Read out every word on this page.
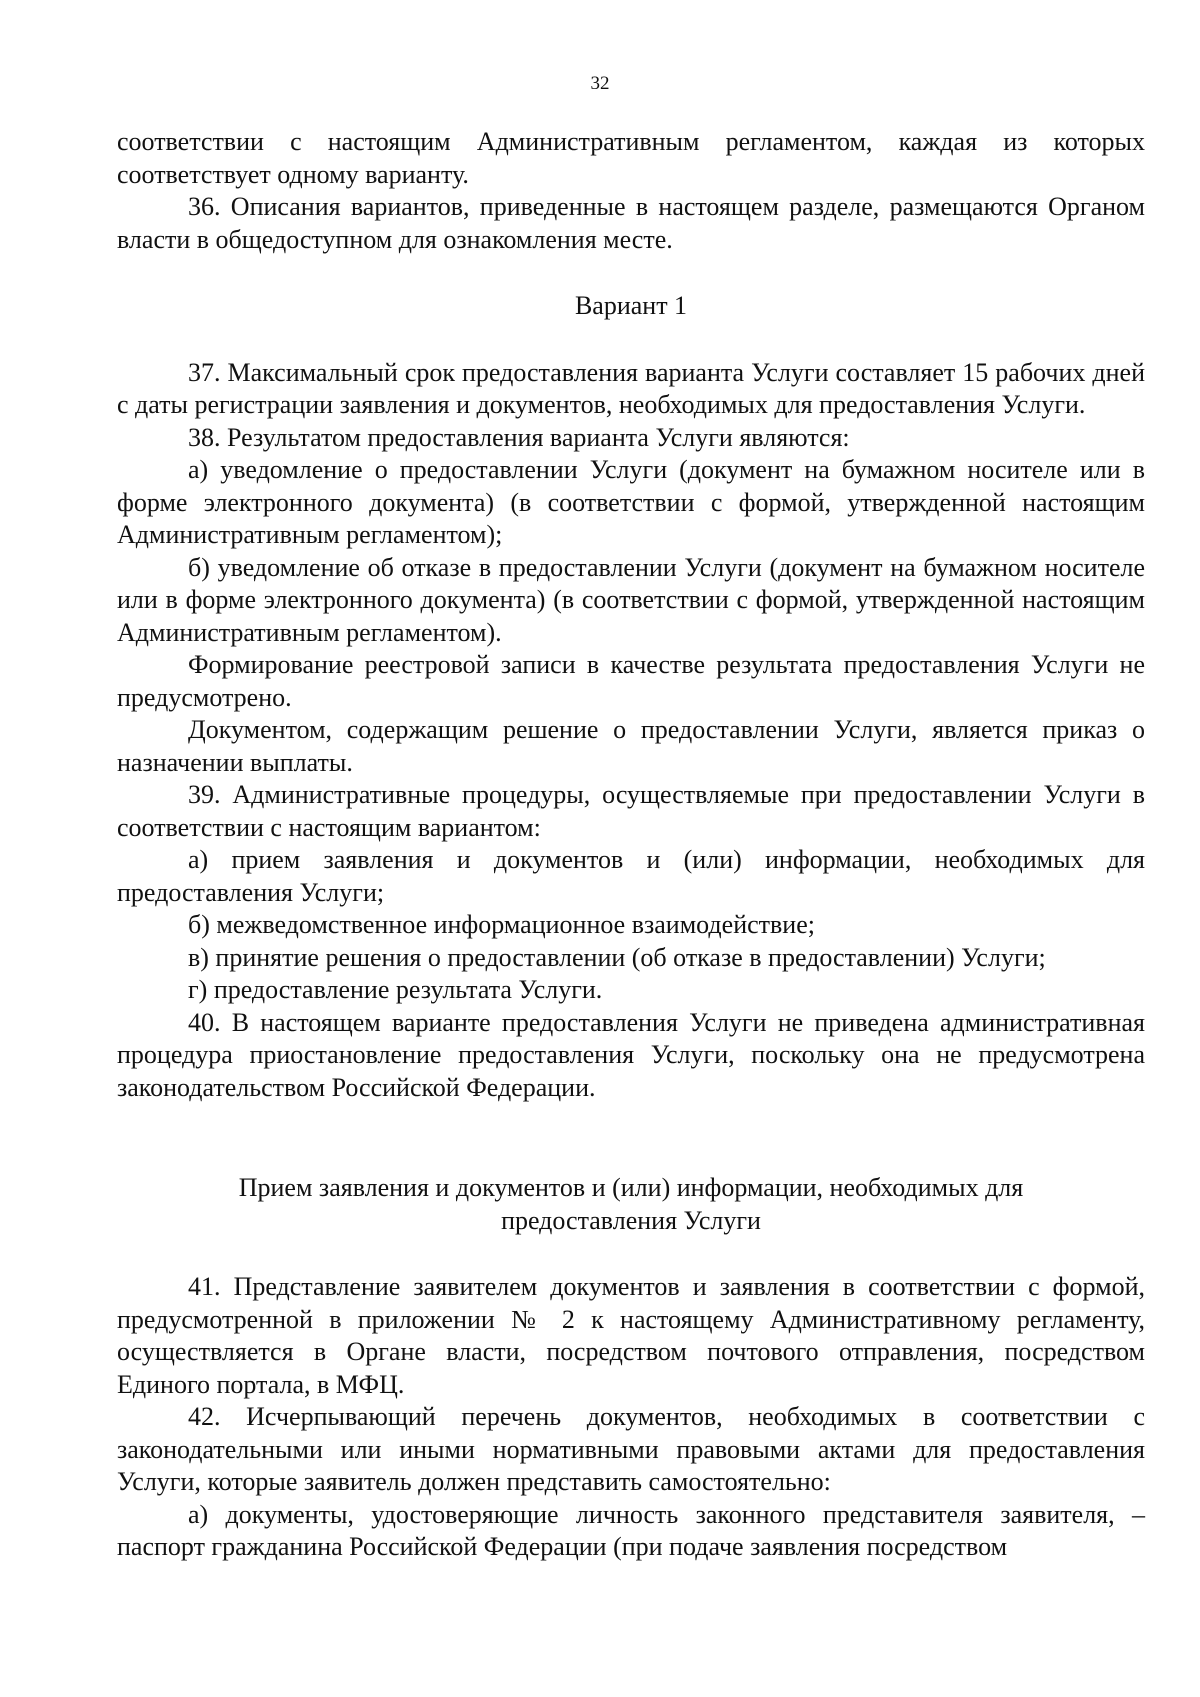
32

соответствии с настоящим Административным регламентом, каждая из которых соответствует одному варианту.

36. Описания вариантов, приведенные в настоящем разделе, размещаются Органом власти в общедоступном для ознакомления месте.

Вариант 1

37. Максимальный срок предоставления варианта Услуги составляет 15 рабочих дней с даты регистрации заявления и документов, необходимых для предоставления Услуги.

38. Результатом предоставления варианта Услуги являются:

а) уведомление о предоставлении Услуги (документ на бумажном носителе или в форме электронного документа) (в соответствии с формой, утвержденной настоящим Административным регламентом);

б) уведомление об отказе в предоставлении Услуги (документ на бумажном носителе или в форме электронного документа) (в соответствии с формой, утвержденной настоящим Административным регламентом).

Формирование реестровой записи в качестве результата предоставления Услуги не предусмотрено.

Документом, содержащим решение о предоставлении Услуги, является приказ о назначении выплаты.

39. Административные процедуры, осуществляемые при предоставлении Услуги в соответствии с настоящим вариантом:

а) прием заявления и документов и (или) информации, необходимых для предоставления Услуги;

б) межведомственное информационное взаимодействие;

в) принятие решения о предоставлении (об отказе в предоставлении) Услуги;

г) предоставление результата Услуги.

40. В настоящем варианте предоставления Услуги не приведена административная процедура приостановление предоставления Услуги, поскольку она не предусмотрена законодательством Российской Федерации.

Прием заявления и документов и (или) информации, необходимых для

предоставления Услуги

41. Представление заявителем документов и заявления в соответствии с формой, предусмотренной в приложении № 2 к настоящему Административному регламенту, осуществляется в Органе власти, посредством почтового отправления, посредством Единого портала, в МФЦ.

42. Исчерпывающий перечень документов, необходимых в соответствии с законодательными или иными нормативными правовыми актами для предоставления Услуги, которые заявитель должен представить самостоятельно:

а) документы, удостоверяющие личность законного представителя заявителя, – паспорт гражданина Российской Федерации (при подаче заявления посредством
